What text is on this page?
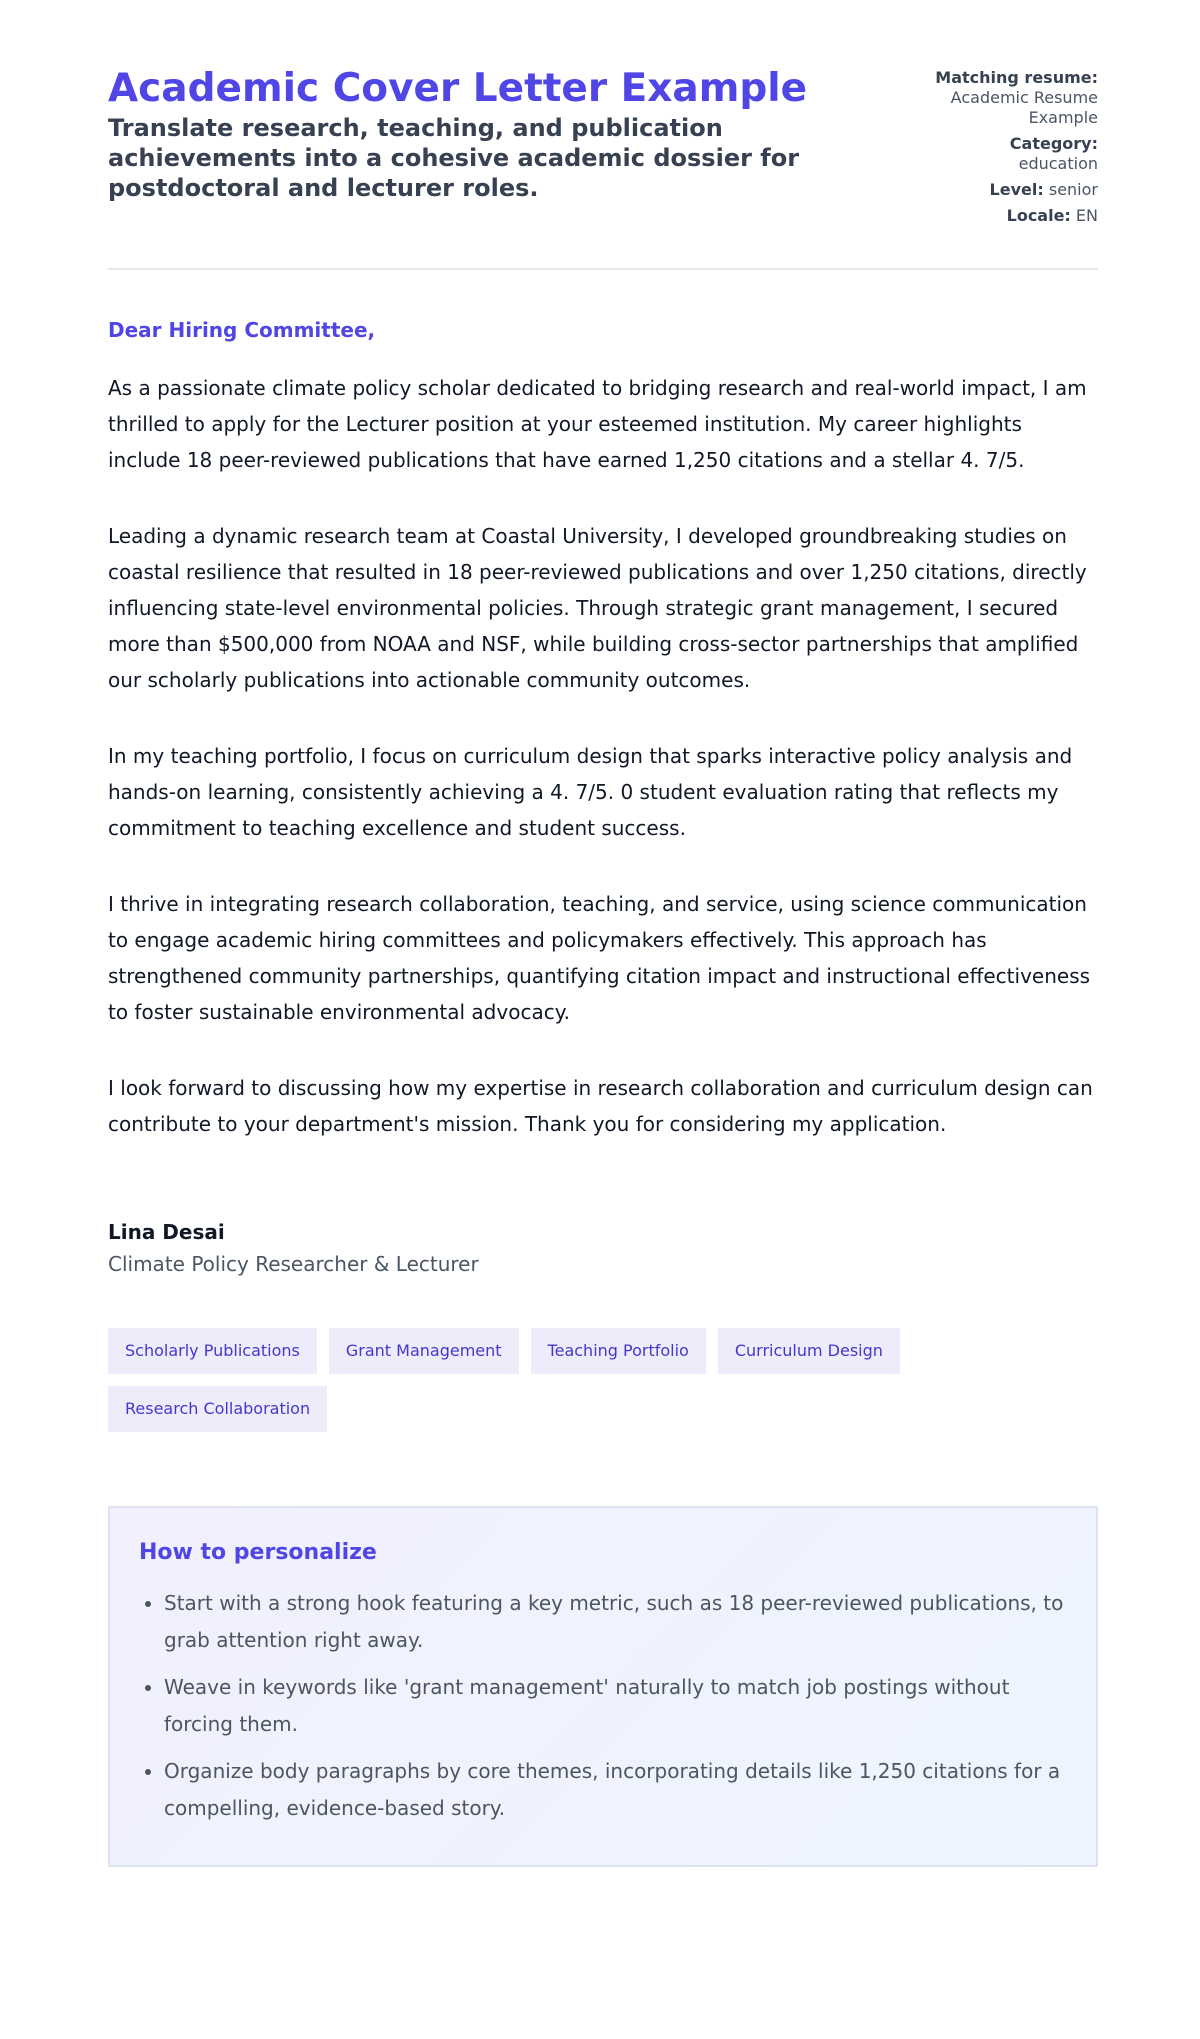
Academic Cover Letter Example

Translate research, teaching, and publication achievements into a cohesive academic dossier for postdoctoral and lecturer roles.

Matching resume:
Academic Resume Example
Category:
education
Level: senior
Locale: EN

Dear Hiring Committee,

As a passionate climate policy scholar dedicated to bridging research and real-world impact, I am thrilled to apply for the Lecturer position at your esteemed institution. My career highlights include 18 peer-reviewed publications that have earned 1,250 citations and a stellar 4. 7/5.

Leading a dynamic research team at Coastal University, I developed groundbreaking studies on coastal resilience that resulted in 18 peer-reviewed publications and over 1,250 citations, directly influencing state-level environmental policies. Through strategic grant management, I secured more than $500,000 from NOAA and NSF, while building cross-sector partnerships that amplified our scholarly publications into actionable community outcomes.

In my teaching portfolio, I focus on curriculum design that sparks interactive policy analysis and hands-on learning, consistently achieving a 4. 7/5. 0 student evaluation rating that reflects my commitment to teaching excellence and student success.

I thrive in integrating research collaboration, teaching, and service, using science communication to engage academic hiring committees and policymakers effectively. This approach has strengthened community partnerships, quantifying citation impact and instructional effectiveness to foster sustainable environmental advocacy.

I look forward to discussing how my expertise in research collaboration and curriculum design can contribute to your department's mission. Thank you for considering my application.

Lina Desai
Climate Policy Researcher & Lecturer
Scholarly Publications	Grant Management	Teaching Portfolio	Curriculum Design
Research Collaboration
How to personalize
• Start with a strong hook featuring a key metric, such as 18 peer-reviewed publications, to grab attention right away.
• Weave in keywords like 'grant management' naturally to match job postings without forcing them.
• Organize body paragraphs by core themes, incorporating details like 1,250 citations for a compelling, evidence-based story.
